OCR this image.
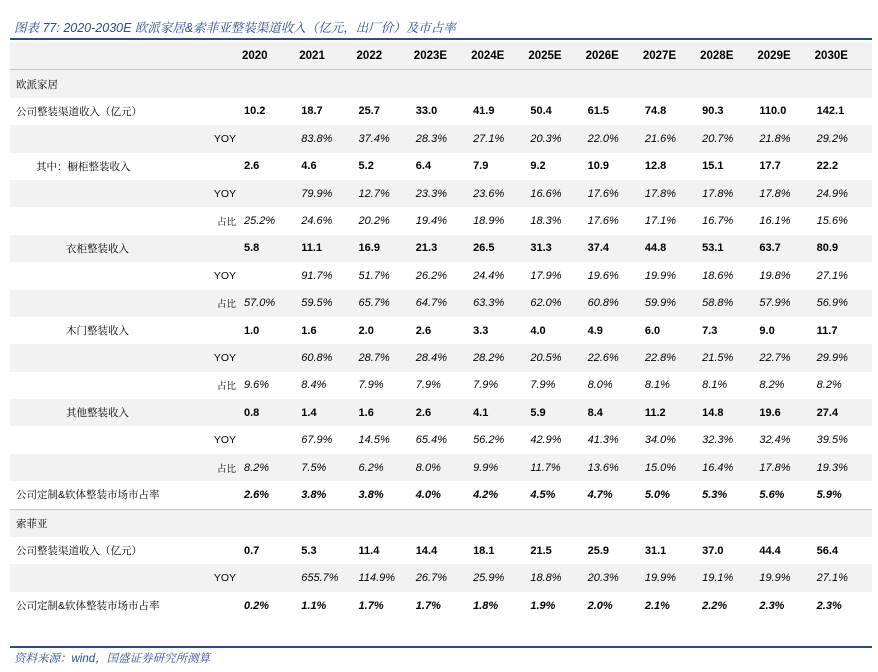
图表 77: 2020-2030E 欧派家居&索菲亚整装渠道收入（亿元，出厂价）及市占率
		2020	2021	2022	2023E	2024E	2025E	2026E	2027E	2028E	2029E	2030E
欧派家居												
公司整装渠道收入（亿元）		10.2	18.7	25.7	33.0	41.9	50.4	61.5	74.8	90.3	110.0	142.1
	YOY		83.8%	37.4%	28.3%	27.1%	20.3%	22.0%	21.6%	20.7%	21.8%	29.2%
其中：橱柜整装收入		2.6	4.6	5.2	6.4	7.9	9.2	10.9	12.8	15.1	17.7	22.2
	YOY		79.9%	12.7%	23.3%	23.6%	16.6%	17.6%	17.8%	17.8%	17.8%	24.9%
	占比	25.2%	24.6%	20.2%	19.4%	18.9%	18.3%	17.6%	17.1%	16.7%	16.1%	15.6%
衣柜整装收入		5.8	11.1	16.9	21.3	26.5	31.3	37.4	44.8	53.1	63.7	80.9
	YOY		91.7%	51.7%	26.2%	24.4%	17.9%	19.6%	19.9%	18.6%	19.8%	27.1%
	占比	57.0%	59.5%	65.7%	64.7%	63.3%	62.0%	60.8%	59.9%	58.8%	57.9%	56.9%
木门整装收入		1.0	1.6	2.0	2.6	3.3	4.0	4.9	6.0	7.3	9.0	11.7
	YOY		60.8%	28.7%	28.4%	28.2%	20.5%	22.6%	22.8%	21.5%	22.7%	29.9%
	占比	9.6%	8.4%	7.9%	7.9%	7.9%	7.9%	8.0%	8.1%	8.1%	8.2%	8.2%
其他整装收入		0.8	1.4	1.6	2.6	4.1	5.9	8.4	11.2	14.8	19.6	27.4
	YOY		67.9%	14.5%	65.4%	56.2%	42.9%	41.3%	34.0%	32.3%	32.4%	39.5%
	占比	8.2%	7.5%	6.2%	8.0%	9.9%	11.7%	13.6%	15.0%	16.4%	17.8%	19.3%
公司定制&软体整装市场市占率		2.6%	3.8%	3.8%	4.0%	4.2%	4.5%	4.7%	5.0%	5.3%	5.6%	5.9%
索菲亚												
公司整装渠道收入（亿元）		0.7	5.3	11.4	14.4	18.1	21.5	25.9	31.1	37.0	44.4	56.4
	YOY		655.7%	114.9%	26.7%	25.9%	18.8%	20.3%	19.9%	19.1%	19.9%	27.1%
公司定制&软体整装市场市占率		0.2%	1.1%	1.7%	1.7%	1.8%	1.9%	2.0%	2.1%	2.2%	2.3%	2.3%
资料来源：wind，国盛证券研究所测算
